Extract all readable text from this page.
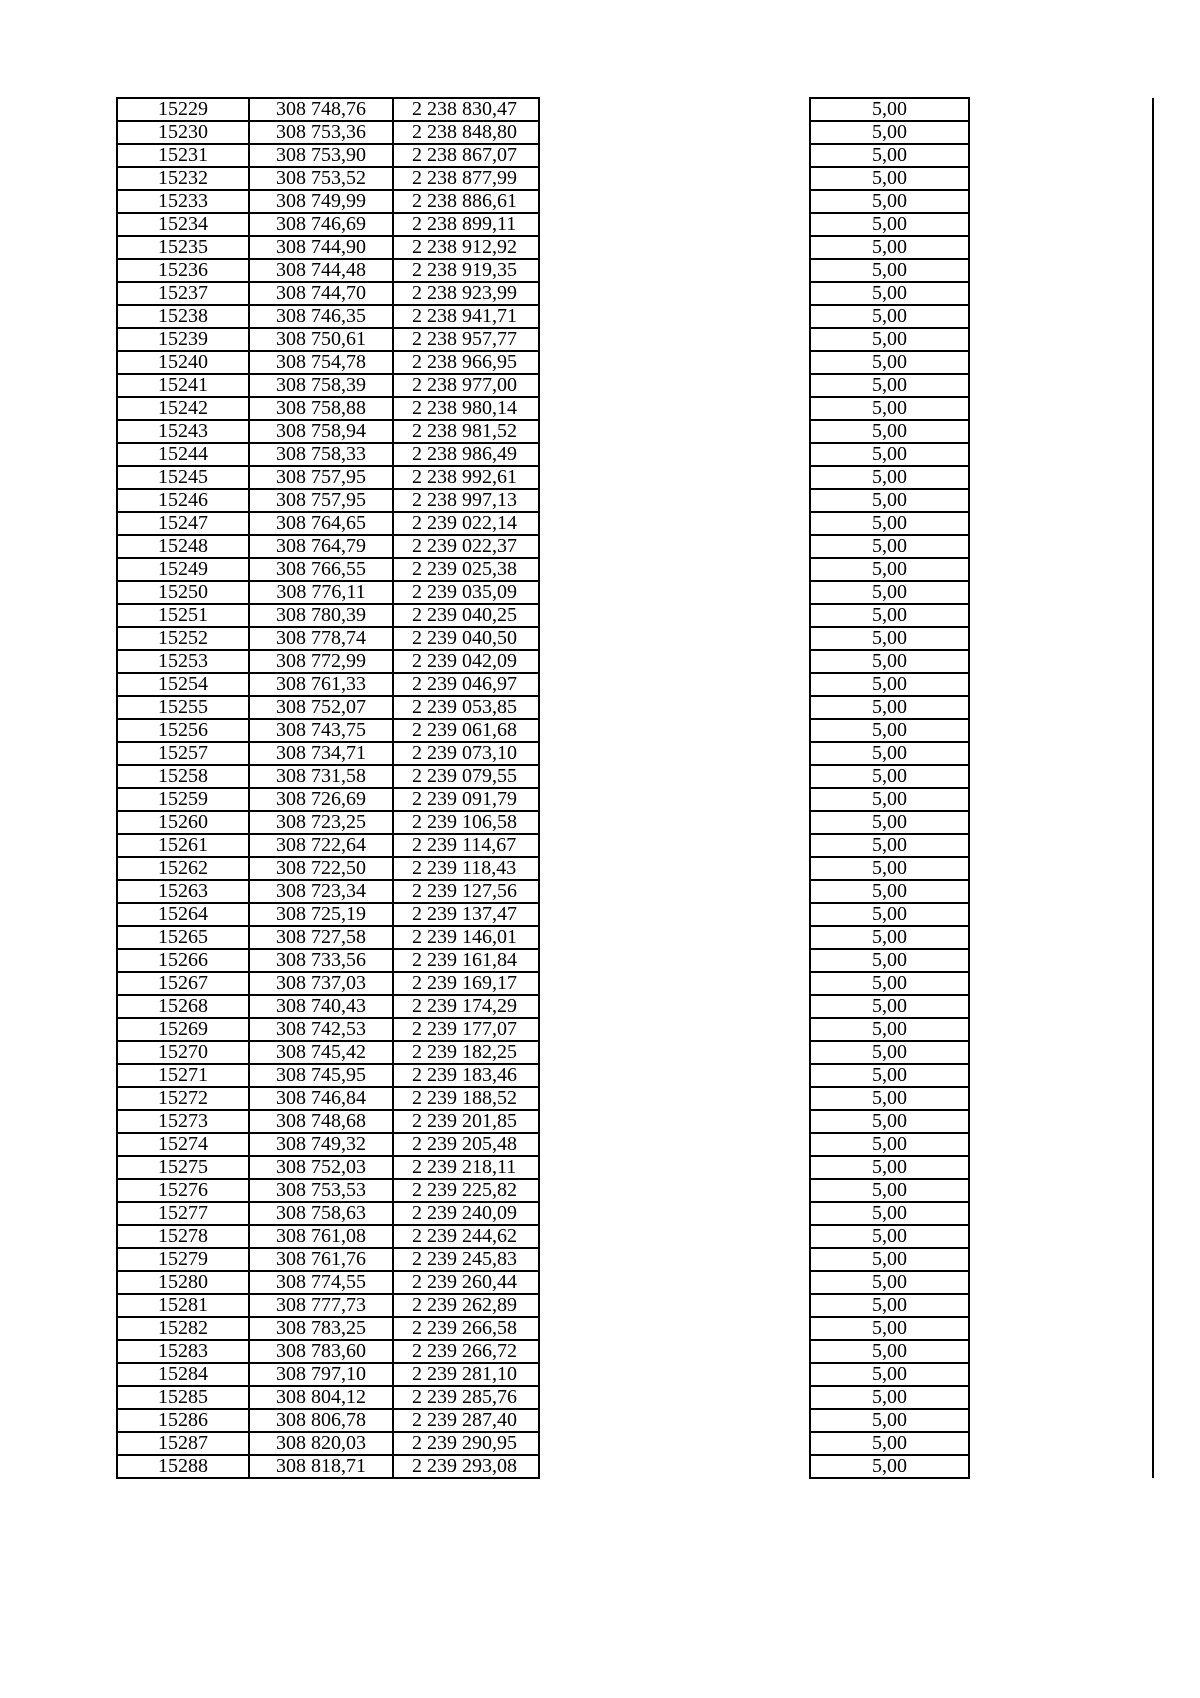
15229	308 748,76	2 238 830,47		5,00	
15230	308 753,36	2 238 848,80		5,00	
15231	308 753,90	2 238 867,07		5,00	
15232	308 753,52	2 238 877,99		5,00	
15233	308 749,99	2 238 886,61		5,00	
15234	308 746,69	2 238 899,11		5,00	
15235	308 744,90	2 238 912,92		5,00	
15236	308 744,48	2 238 919,35		5,00	
15237	308 744,70	2 238 923,99		5,00	
15238	308 746,35	2 238 941,71		5,00	
15239	308 750,61	2 238 957,77		5,00	
15240	308 754,78	2 238 966,95		5,00	
15241	308 758,39	2 238 977,00		5,00	
15242	308 758,88	2 238 980,14		5,00	
15243	308 758,94	2 238 981,52		5,00	
15244	308 758,33	2 238 986,49		5,00	
15245	308 757,95	2 238 992,61		5,00	
15246	308 757,95	2 238 997,13		5,00	
15247	308 764,65	2 239 022,14		5,00	
15248	308 764,79	2 239 022,37		5,00	
15249	308 766,55	2 239 025,38		5,00	
15250	308 776,11	2 239 035,09		5,00	
15251	308 780,39	2 239 040,25		5,00	
15252	308 778,74	2 239 040,50		5,00	
15253	308 772,99	2 239 042,09		5,00	
15254	308 761,33	2 239 046,97		5,00	
15255	308 752,07	2 239 053,85		5,00	
15256	308 743,75	2 239 061,68		5,00	
15257	308 734,71	2 239 073,10		5,00	
15258	308 731,58	2 239 079,55		5,00	
15259	308 726,69	2 239 091,79		5,00	
15260	308 723,25	2 239 106,58		5,00	
15261	308 722,64	2 239 114,67		5,00	
15262	308 722,50	2 239 118,43		5,00	
15263	308 723,34	2 239 127,56		5,00	
15264	308 725,19	2 239 137,47		5,00	
15265	308 727,58	2 239 146,01		5,00	
15266	308 733,56	2 239 161,84		5,00	
15267	308 737,03	2 239 169,17		5,00	
15268	308 740,43	2 239 174,29		5,00	
15269	308 742,53	2 239 177,07		5,00	
15270	308 745,42	2 239 182,25		5,00	
15271	308 745,95	2 239 183,46		5,00	
15272	308 746,84	2 239 188,52		5,00	
15273	308 748,68	2 239 201,85		5,00	
15274	308 749,32	2 239 205,48		5,00	
15275	308 752,03	2 239 218,11		5,00	
15276	308 753,53	2 239 225,82		5,00	
15277	308 758,63	2 239 240,09		5,00	
15278	308 761,08	2 239 244,62		5,00	
15279	308 761,76	2 239 245,83		5,00	
15280	308 774,55	2 239 260,44		5,00	
15281	308 777,73	2 239 262,89		5,00	
15282	308 783,25	2 239 266,58		5,00	
15283	308 783,60	2 239 266,72		5,00	
15284	308 797,10	2 239 281,10		5,00	
15285	308 804,12	2 239 285,76		5,00	
15286	308 806,78	2 239 287,40		5,00	
15287	308 820,03	2 239 290,95		5,00	
15288	308 818,71	2 239 293,08		5,00	
